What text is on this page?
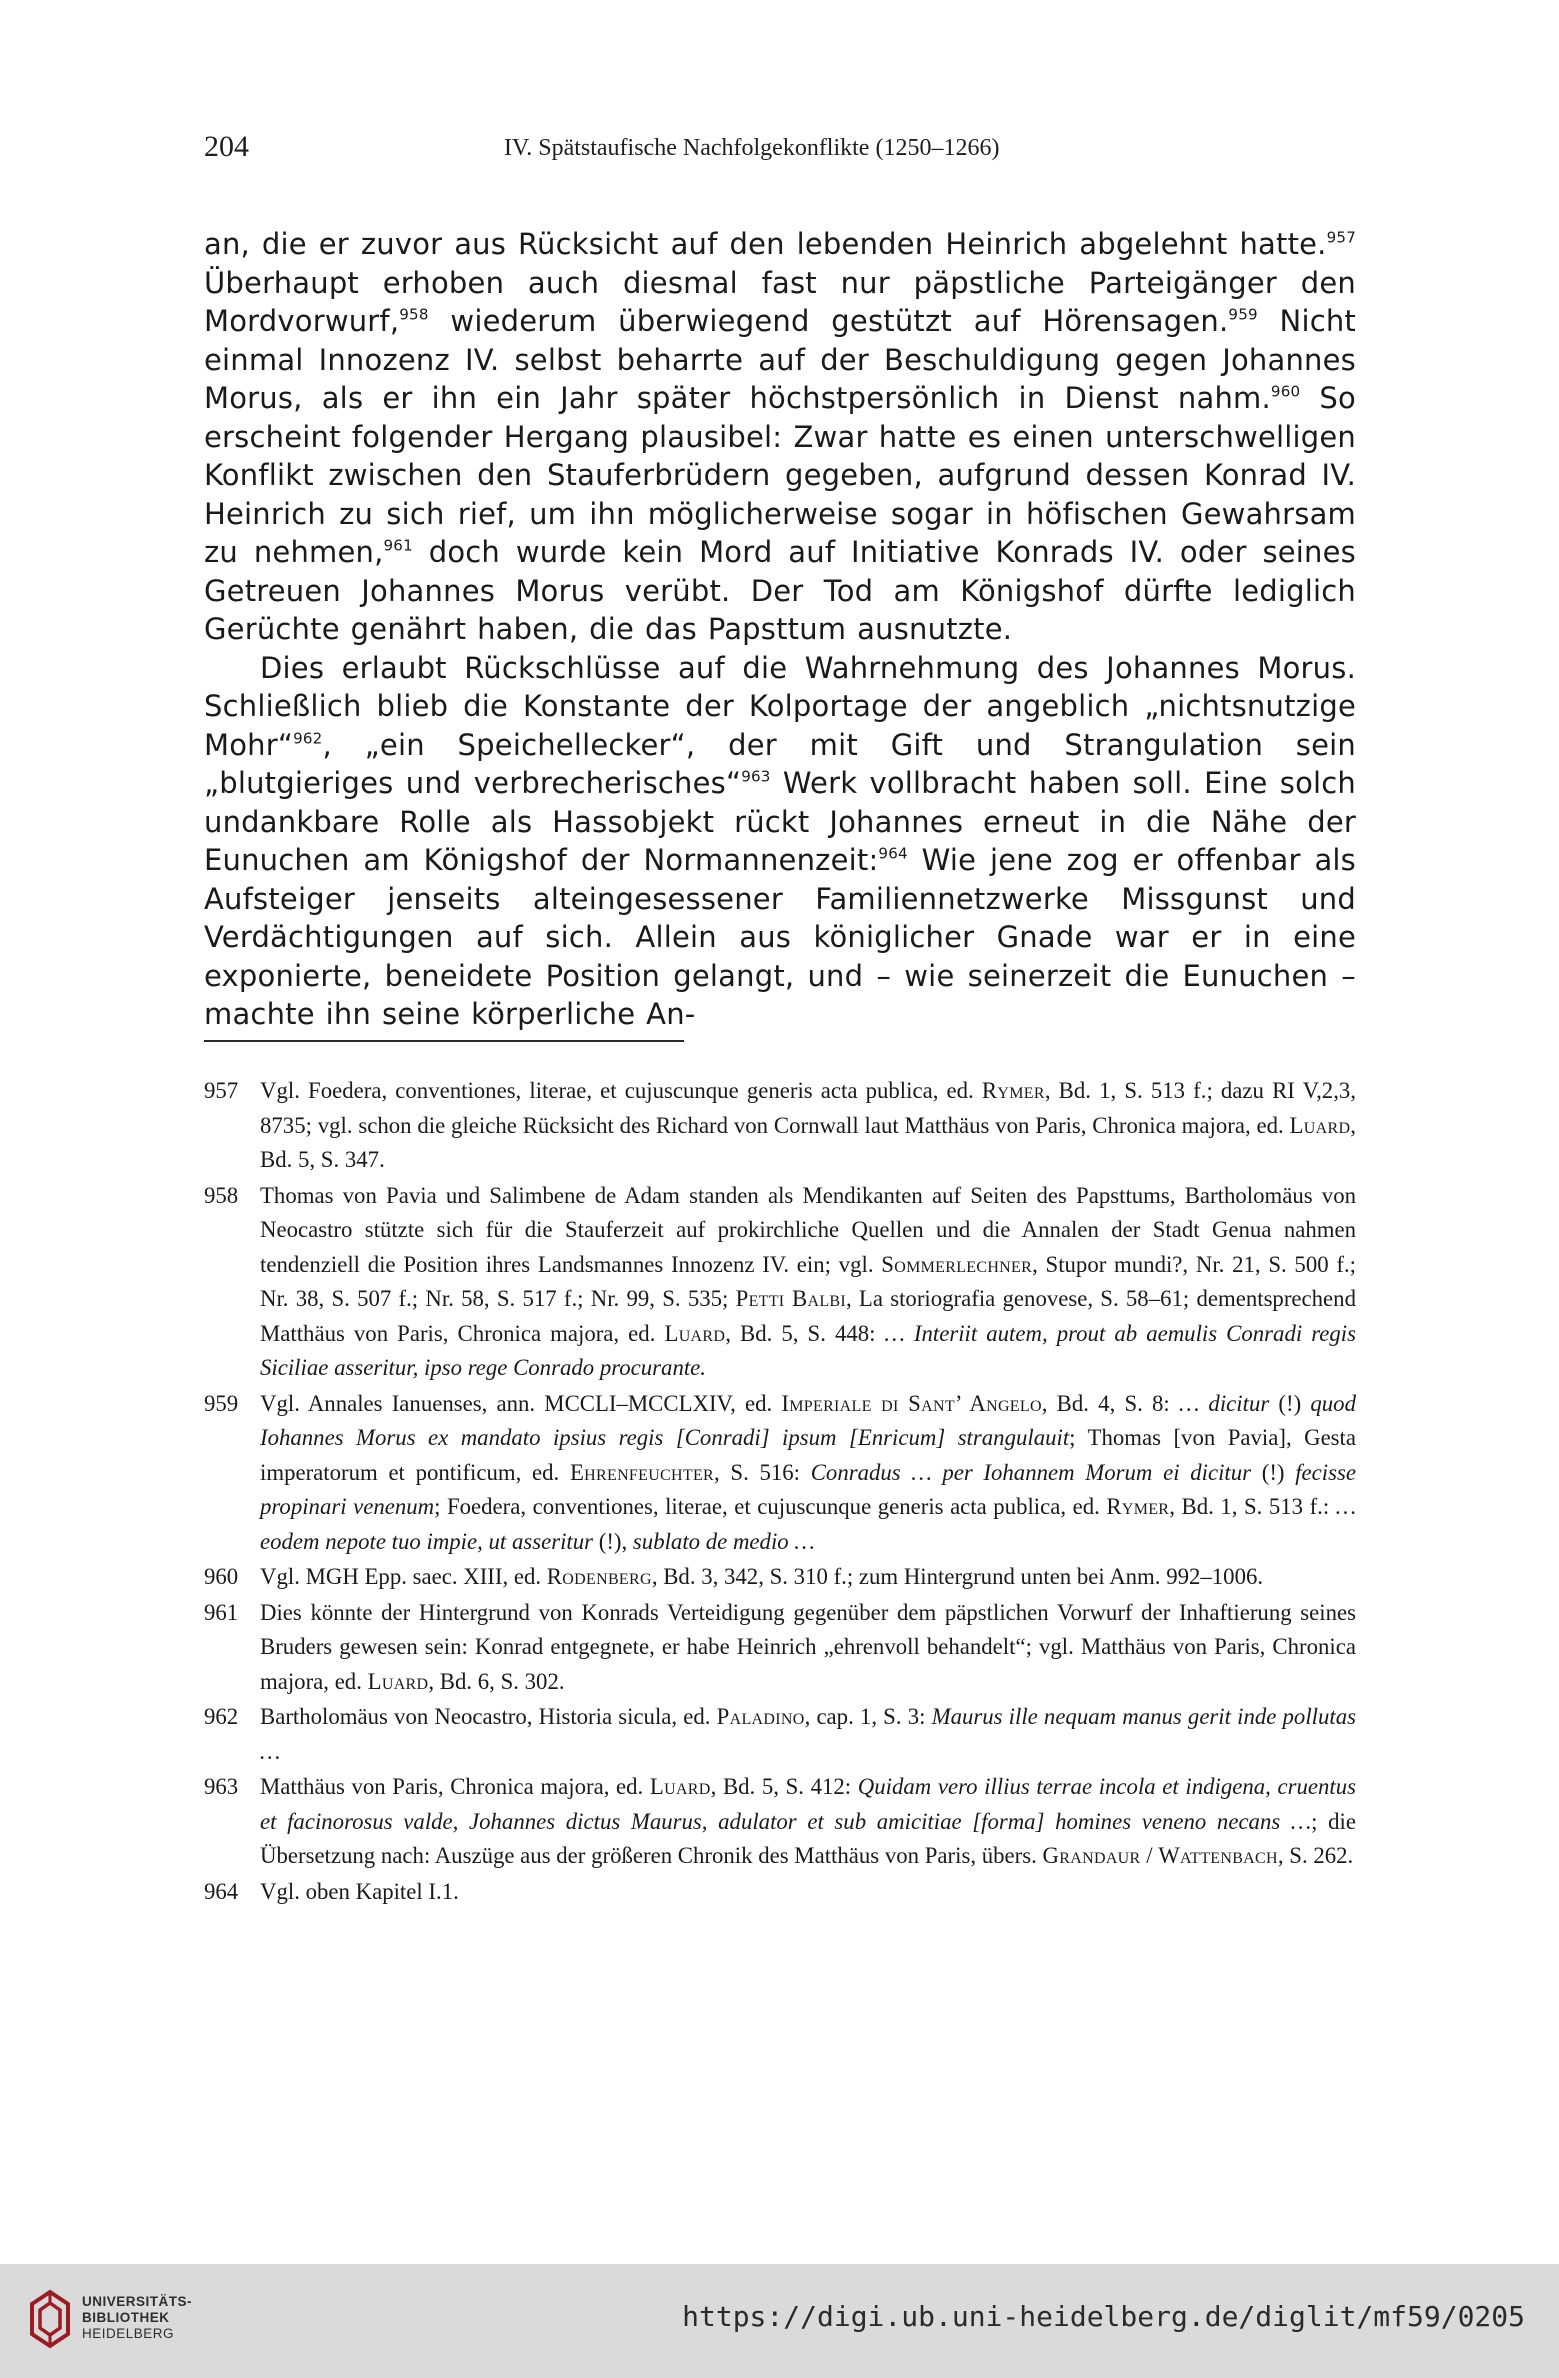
204	IV. Spätstaufische Nachfolgekonflikte (1250–1266)

an, die er zuvor aus Rücksicht auf den lebenden Heinrich abgelehnt hatte.$^{957}$ Überhaupt erhoben auch diesmal fast nur päpstliche Parteigänger den Mordvorwurf,$^{958}$ wiederum überwiegend gestützt auf Hörensagen.$^{959}$ Nicht einmal Innozenz IV. selbst beharrte auf der Beschuldigung gegen Johannes Morus, als er ihn ein Jahr später höchstpersönlich in Dienst nahm.$^{960}$ So erscheint folgender Hergang plausibel: Zwar hatte es einen unterschwelligen Konflikt zwischen den Stauferbrüdern gegeben, aufgrund dessen Konrad IV. Heinrich zu sich rief, um ihn möglicherweise sogar in höfischen Gewahrsam zu nehmen,$^{961}$ doch wurde kein Mord auf Initiative Konrads IV. oder seines Getreuen Johannes Morus verübt. Der Tod am Königshof dürfte lediglich Gerüchte genährt haben, die das Papsttum ausnutzte.

Dies erlaubt Rückschlüsse auf die Wahrnehmung des Johannes Morus. Schließlich blieb die Konstante der Kolportage der angeblich „nichtsnutzige Mohr“$^{962}$, „ein Speichellecker“, der mit Gift und Strangulation sein „blutgieriges und verbrecherisches“$^{963}$ Werk vollbracht haben soll. Eine solch undankbare Rolle als Hassobjekt rückt Johannes erneut in die Nähe der Eunuchen am Königshof der Normannenzeit:$^{964}$ Wie jene zog er offenbar als Aufsteiger jenseits alteingesessener Familiennetzwerke Missgunst und Verdächtigungen auf sich. Allein aus königlicher Gnade war er in eine exponierte, beneidete Position gelangt, und – wie seinerzeit die Eunuchen – machte ihn seine körperliche An-

957 Vgl. Foedera, conventiones, literae, et cujuscunque generis acta publica, ed. Rymer, Bd. 1, S. 513 f.; dazu RI V,2,3, 8735; vgl. schon die gleiche Rücksicht des Richard von Cornwall laut Matthäus von Paris, Chronica majora, ed. Luard, Bd. 5, S. 347.
958 Thomas von Pavia und Salimbene de Adam standen als Mendikanten auf Seiten des Papsttums, Bartholomäus von Neocastro stützte sich für die Stauferzeit auf prokirchliche Quellen und die Annalen der Stadt Genua nahmen tendenziell die Position ihres Landsmannes Innozenz IV. ein; vgl. Sommerlechner, Stupor mundi?, Nr. 21, S. 500 f.; Nr. 38, S. 507 f.; Nr. 58, S. 517 f.; Nr. 99, S. 535; Petti Balbi, La storiografia genovese, S. 58–61; dementsprechend Matthäus von Paris, Chronica majora, ed. Luard, Bd. 5, S. 448: … Interiit autem, prout ab aemulis Conradi regis Siciliae asseritur, ipso rege Conrado procurante.
959 Vgl. Annales Ianuenses, ann. MCCLI–MCCLXIV, ed. Imperiale di Sant’ Angelo, Bd. 4, S. 8: … dicitur (!) quod Iohannes Morus ex mandato ipsius regis [Conradi] ipsum [Enricum] strangulauit; Thomas [von Pavia], Gesta imperatorum et pontificum, ed. Ehrenfeuchter, S. 516: Conradus … per Iohannem Morum ei dicitur (!) fecisse propinari venenum; Foedera, conventiones, literae, et cujuscunque generis acta publica, ed. Rymer, Bd. 1, S. 513 f.: … eodem nepote tuo impie, ut asseritur (!), sublato de medio …
960 Vgl. MGH Epp. saec. XIII, ed. Rodenberg, Bd. 3, 342, S. 310 f.; zum Hintergrund unten bei Anm. 992–1006.
961 Dies könnte der Hintergrund von Konrads Verteidigung gegenüber dem päpstlichen Vorwurf der Inhaftierung seines Bruders gewesen sein: Konrad entgegnete, er habe Heinrich „ehrenvoll behandelt“; vgl. Matthäus von Paris, Chronica majora, ed. Luard, Bd. 6, S. 302.
962 Bartholomäus von Neocastro, Historia sicula, ed. Paladino, cap. 1, S. 3: Maurus ille nequam manus gerit inde pollutas …
963 Matthäus von Paris, Chronica majora, ed. Luard, Bd. 5, S. 412: Quidam vero illius terrae incola et indigena, cruentus et facinorosus valde, Johannes dictus Maurus, adulator et sub amicitiae [forma] homines veneno necans …; die Übersetzung nach: Auszüge aus der größeren Chronik des Matthäus von Paris, übers. Grandaur / Wattenbach, S. 262.
964 Vgl. oben Kapitel I.1.
UNIVERSITÄTS-
BIBLIOTHEK
HEIDELBERG
https://digi.ub.uni-heidelberg.de/diglit/mf59/0205
